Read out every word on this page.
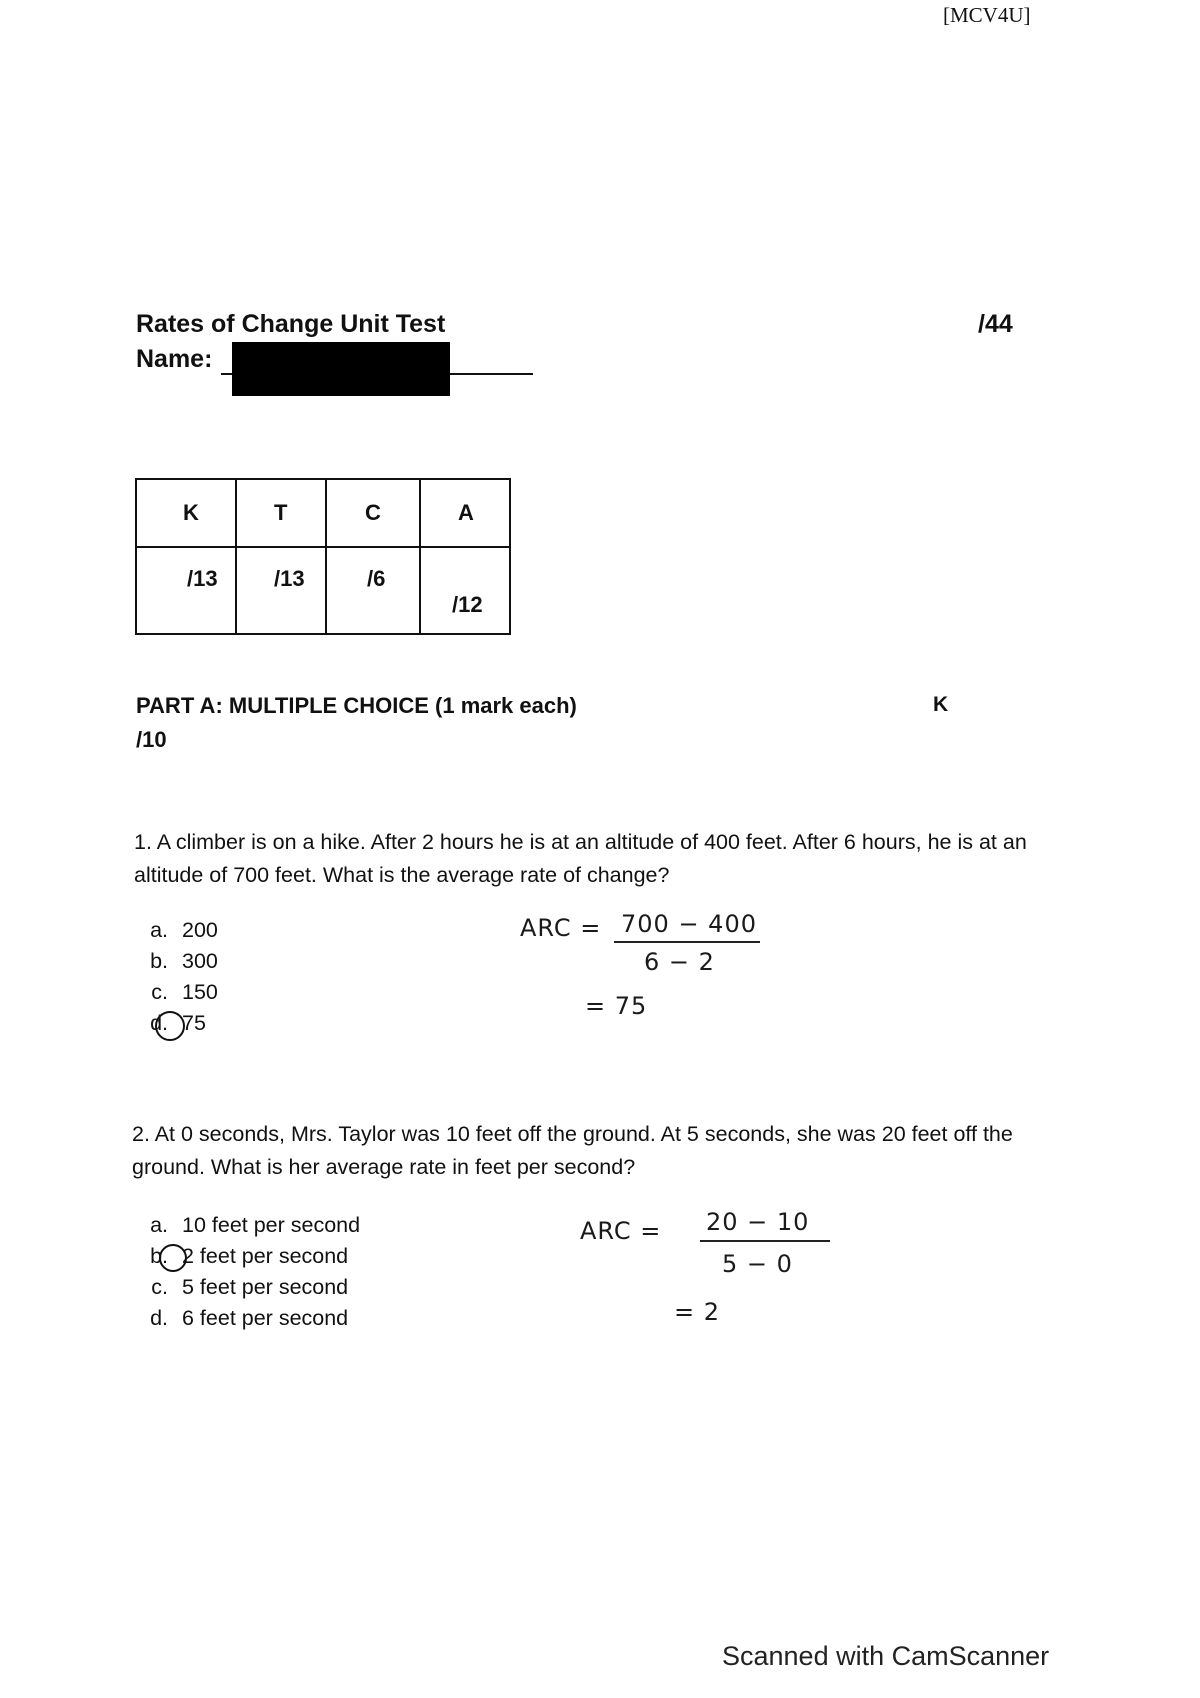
[MCV4U]
Rates of Change Unit Test	/44
Name:
K	T	C	A

/13	/13	/6	/12
PART A: MULTIPLE CHOICE (1 mark each)	K
/10
1. A climber is on a hike. After 2 hours he is at an altitude of 400 feet. After 6 hours, he is at an altitude of 700 feet. What is the average rate of change?
a. 200
b. 300
c. 150
d. 75
ARC = 700 − 400
6 − 2
= 75
2. At 0 seconds, Mrs. Taylor was 10 feet off the ground. At 5 seconds, she was 20 feet off the ground. What is her average rate in feet per second?
a. 10 feet per second
b. 2 feet per second
c. 5 feet per second
d. 6 feet per second
ARC = 20 − 10
5 − 0
= 2
Scanned with CamScanner
